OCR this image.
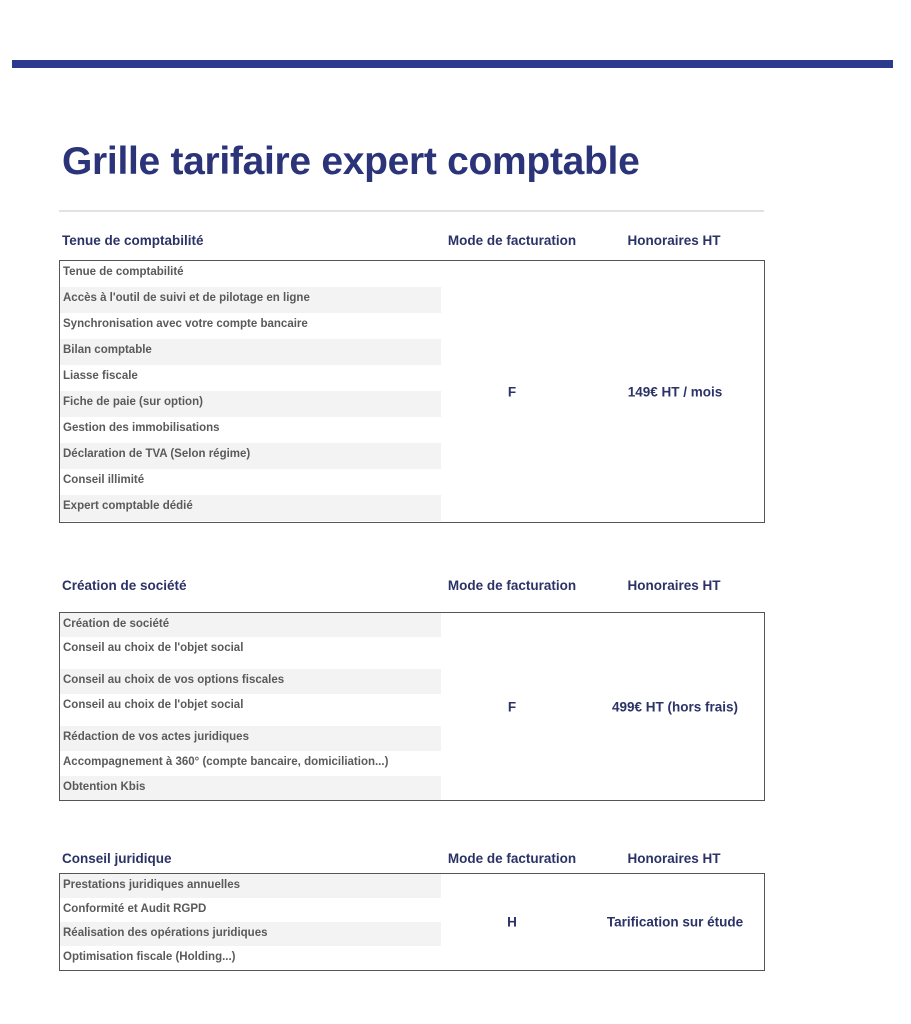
Grille tarifaire expert comptable
Tenue de comptabilité	Mode de facturation	Honoraires HT
Tenue de comptabilité
Accès à l'outil de suivi et de pilotage en ligne
Synchronisation avec votre compte bancaire
Bilan comptable
Liasse fiscale
Fiche de paie (sur option)
Gestion des immobilisations
Déclaration de TVA (Selon régime)
Conseil illimité
Expert comptable dédié
F	149€ HT / mois
Création de société	Mode de facturation	Honoraires HT
Création de société
Conseil au choix de l'objet social
Conseil au choix de vos options fiscales
Conseil au choix de l'objet social
Rédaction de vos actes juridiques
Accompagnement à 360° (compte bancaire, domiciliation...)
Obtention Kbis
F	499€ HT (hors frais)
Conseil juridique	Mode de facturation	Honoraires HT
Prestations juridiques annuelles
Conformité et Audit RGPD
Réalisation des opérations juridiques
Optimisation fiscale (Holding...)
H	Tarification sur étude
